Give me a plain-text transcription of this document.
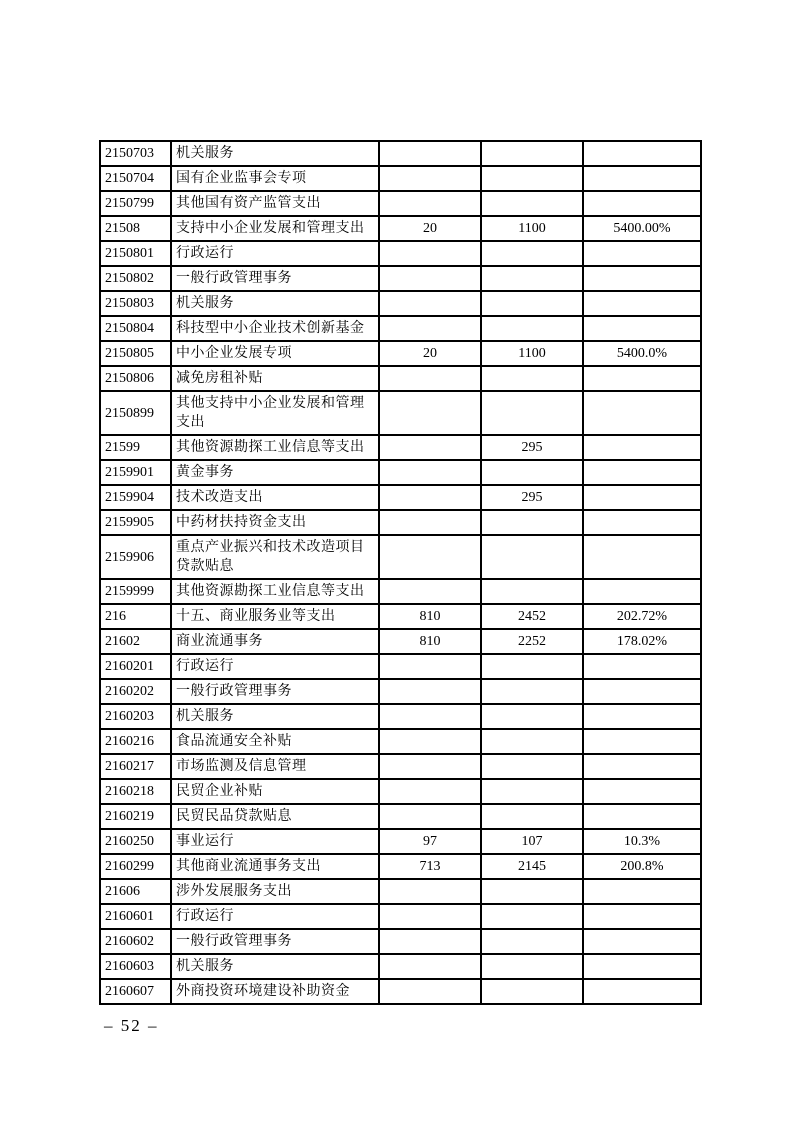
2150703	机关服务			
2150704	国有企业监事会专项			
2150799	其他国有资产监管支出			
21508	支持中小企业发展和管理支出	20	1100	5400.00%
2150801	行政运行			
2150802	一般行政管理事务			
2150803	机关服务			
2150804	科技型中小企业技术创新基金			
2150805	中小企业发展专项	20	1100	5400.0%
2150806	减免房租补贴			
2150899	其他支持中小企业发展和管理支出			
21599	其他资源勘探工业信息等支出		295	
2159901	黄金事务			
2159904	技术改造支出		295	
2159905	中药材扶持资金支出			
2159906	重点产业振兴和技术改造项目贷款贴息			
2159999	其他资源勘探工业信息等支出			
216	十五、商业服务业等支出	810	2452	202.72%
21602	商业流通事务	810	2252	178.02%
2160201	行政运行			
2160202	一般行政管理事务			
2160203	机关服务			
2160216	食品流通安全补贴			
2160217	市场监测及信息管理			
2160218	民贸企业补贴			
2160219	民贸民品贷款贴息			
2160250	事业运行	97	107	10.3%
2160299	其他商业流通事务支出	713	2145	200.8%
21606	涉外发展服务支出			
2160601	行政运行			
2160602	一般行政管理事务			
2160603	机关服务			
2160607	外商投资环境建设补助资金			
– 52 –
